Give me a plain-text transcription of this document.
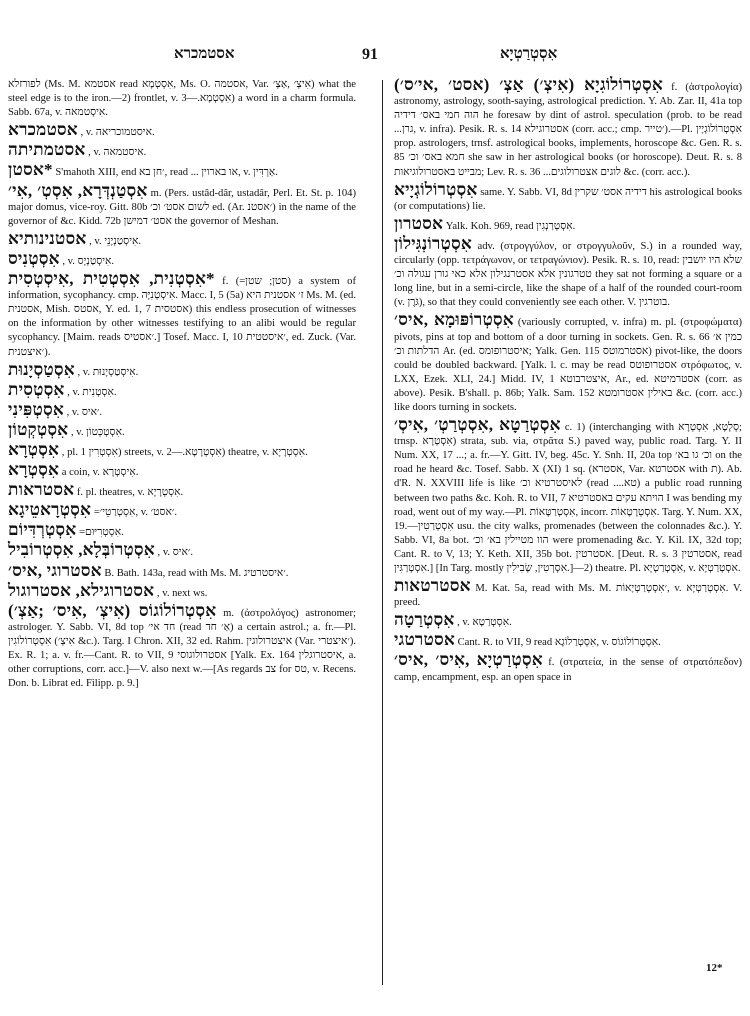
אסטמכרא	91	אִסְטְרַטְיָא

לפורזלא (Ms. M. אסטמא read אִסְטְמָא, Ms. O. אסטמה, Var. אִיצְ׳ ,אַצְ׳) what the steel edge is to the iron.—2) frontlet, v. אִסְטְמָא.—3) a word in a charm formula. Sabb. 67a, v. אִיסְטמאה.

אסטמכרא , v. איסטמוכריאה.

אסטמתיתה , v. איסטמאה.

*אסטן S'mahoth XIII, end ׳חן בא, read ... או בארוין, v. אַרְדִּין.

אִסְטַנְדְּרָא, אִסְטְ׳ ,אִי׳ m. (Pers. ustâd-dâr, ustadâr, Perl. Et. St. p. 104) major domus, vice-roy. Gitt. 80b לשום אסט׳ וכ׳ ed. (Ar. ׳אסטנ) in the name of the governor of &c. Kidd. 72b אסט׳ דמישן the governor of Meshan.

אסטנינותיא , v. אִיסְטַנְיָנֵי.

אִסְטְנִיס , v. אִיסְטַנְיָס.

*אִסְטְנִית, אִסְטְטִית ,אִיסְטְסִית f. (=סטן; שטן) a system of information, sycophancy. cmp. אִיסְטְנִיָּה. Macc. I, 5 (5a) ז׳ אסטנית היא Ms. M. (ed. אסטנית, Mish. אסטס, Y. ed. 1, 7 אסטסית) this endless prosecution of witnesses on the information by other witnesses testifying to an alibi would be regular sycophancy. [Maim. reads ׳אסטיס.] Tosef. Macc. I, 10 ׳איסטטית, ed. Zuck. (Var. ׳איצטנית).

אִסְטַסְיָנוּת , v. אִיסְטַסְיָנוּת.

אִסְטְסִית , v. אִסְטְנִית.

אִסְטְפִּינִי , v. ׳איס.

אִסְטְקְטוֹן , v. אִסְטְכְּטוֹן.

אִסְטְרָא , pl. אִסְטְרִין 1) streets, v. אִסְטְרָטָא.—2) theatre, v. אִסְטְרָיָא.

אִסְטְרָא a coin, v. אִיסְטְרָא.

אסטראות f. pl. theatres, v. אִסְטְרָיָא.

אִסְטְרָאטֵיגָא =אִסְטְרַטֵי׳, v. ׳אסט׳.

אִסְטְרְדִּיוֹם =אִסְטְרִיּוּם.

אִסְטְרוֹבְּלָא, אִסְטְרוֹבִיל , v. ׳איס.

אסטרוגי ,איס׳ B. Bath. 143a, read with Ms. M. ׳איסטרטיג.

אסטרוגילא, אסטרוגול , v. next ws.

אִסְטְרוֹלוֹגוֹס (אִיצְ׳ ,אִיס׳ ;אַצְ׳) m. (ἀστρολόγος) astronomer; astrologer. Y. Sabb. VI, 8d top חד אי׳ (read אַ׳ חד) a certain astrol.; a. fr.—Pl. אִסְטְרוֹלוֹגִין (אִיצְ׳ &c.). Targ. I Chron. XII, 32 ed. Rahm. איצטרולוגין (Var. ׳איצטרי). Ex. R. 1; a. v. fr.—Cant. R. to VII, 9 אסטרולוגוסי [Yalk. Ex. 164 איסטרוגלין, a. other corruptions, corr. acc.]—V. also next w.—[As regards צב for טס, v. Recens. Don. b. Librat ed. Filipp. p. 9.]

אִסְטְרוֹלוֹגִיָא (אִיצְ׳) אַצְ׳ (אסט׳ ,אי׳ס׳) f. (ἀστρολογία) astronomy, astrology, sooth-saying, astrological prediction. Y. Ab. Zar. II, 41a top הוה חמי באס׳ דידיה he foresaw by dint of astrol. speculation (prob. to be read ...גרן, v. infra). Pesik. R. s. 14 אסטרוגילא (corr. acc.; cmp. ׳טייר).—Pl. אִסְטְרוֹלוֹגְיָין prop. astrologers, trnsf. astrological books, implements, horoscope &c. Gen. R. s. 85 חמא באס׳ וכ׳ she saw in her astrological books (or horoscope). Deut. R. s. 8 מבייט באסטרולוגיאות; Lev. R. s. 36 ...לוגים אצטרולוגים &c. (corr. acc.).

אִסְטְרוֹלוֹגְיָיא same. Y. Sabb. VI, 8d דידיה אסט׳ שקרין his astrological books (or computations) lie.

אסטרון Yalk. Koh. 969, read אִסְטְרַנְגִין.

אִסְטְרוֹנְגִּילוֹן adv. (στρογγύλον, or στρογγυλοῦν, S.) in a rounded way, circularly (opp. τετράγωνον, or τετραγώνιον). Pesik. R. s. 10, read: שלא היו יושבין טטרגונין אלא אסטרנגילון אלא כאי גורן עגולה וכ׳ they sat not forming a square or a long line, but in a semi-circle, like the shape of a half of the rounded court-room (v. גֹּרֶן), so that they could conveniently see each other. V. בוטרגין.

אִסְטְרוֹפּוּמָא ,איס׳ (variously corrupted, v. infra) m. pl. (στροφώματα) pivots, pins at top and bottom of a door turning in sockets. Gen. R. s. 66 כמין א׳ הדלתות וכ׳ Ar. (ed. איסטרופומס; Yalk. Gen. 115 אסטרמוטס) pivot-like, the doors could be doubled backward. [Yalk. l. c. may be read אסטרופוטס στρόφωτος, v. LXX, Ezek. XLI, 24.] Midd. IV, 1 איצטרבוטא, Ar., ed. אסטרמיטא (corr. as above). Pesik. B'shall. p. 86b; Yalk. Sam. 152 באילין אסטרומטא &c. (corr. acc.) like doors turning in sockets.

אִסְטְרַטָא ,אִסְטְרַטְ׳ ,אִיסְ׳ c. 1) (interchanging with סְלָטָא, אִסְטְרָא; trnsp. אִסְטְרָא) strata, sub. via, στρᾶτα S.) paved way, public road. Targ. Y. II Num. XX, 17 ...; a. fr.—Y. Gitt. IV, beg. 45c. Y. Snh. II, 20a top וכ׳ גו בא׳ on the road he heard &c. Tosef. Sabb. X (XI) 1 sq. (אסטרא, Var. אסטרטא with ת). Ab. d'R. N. XXVIII life is like לאיסטרטיא וכ׳ (read ....טא) a public road running between two paths &c. Koh. R. to VII, 7 הויתא עקים באסטרטיא I was bending my road, went out of my way.—Pl. אִסְטְרַטָּאוֹת, incorr. אִסְטְרָטָאוֹת. Targ. Y. Num. XX, 19.—אִסְטְרַטִין usu. the city walks, promenades (between the colonnades &c.). Y. Sabb. VI, 8a bot. הוו מטיילין בא׳ וכ׳ were promenading &c. Y. Kil. IX, 32d top; Cant. R. to V, 13; Y. Keth. XII, 35b bot. אסטרטין. [Deut. R. s. 3 אסטרטין, read אִסְטְרַגִּין.] [In Targ. mostly אִסְרְטִין, שְׂבִילִין.]—2) theatre. Pl. אִסְטְרַטְיָא, v. אִסְטְרַטְיָא.

אסטרטאות M. Kat. 5a, read with Ms. M. ׳אִסְטְרַטְיָאוֹת, v. אִסְטְרַטְיָא. V. preed.

אִסְטְרַטָה , v. אִסְטְרַטָא.

אסטרטגי Cant. R. to VII, 9 read אִסְטְרַלוֹגָא, v. אִסְטְרוֹלוֹגוֹס.

אִסְטְרַטְיָא ,אִיס׳ ,איס׳ f. (στρατεία, in the sense of στρατόπεδον) camp, encampment, esp. an open space in

12*
